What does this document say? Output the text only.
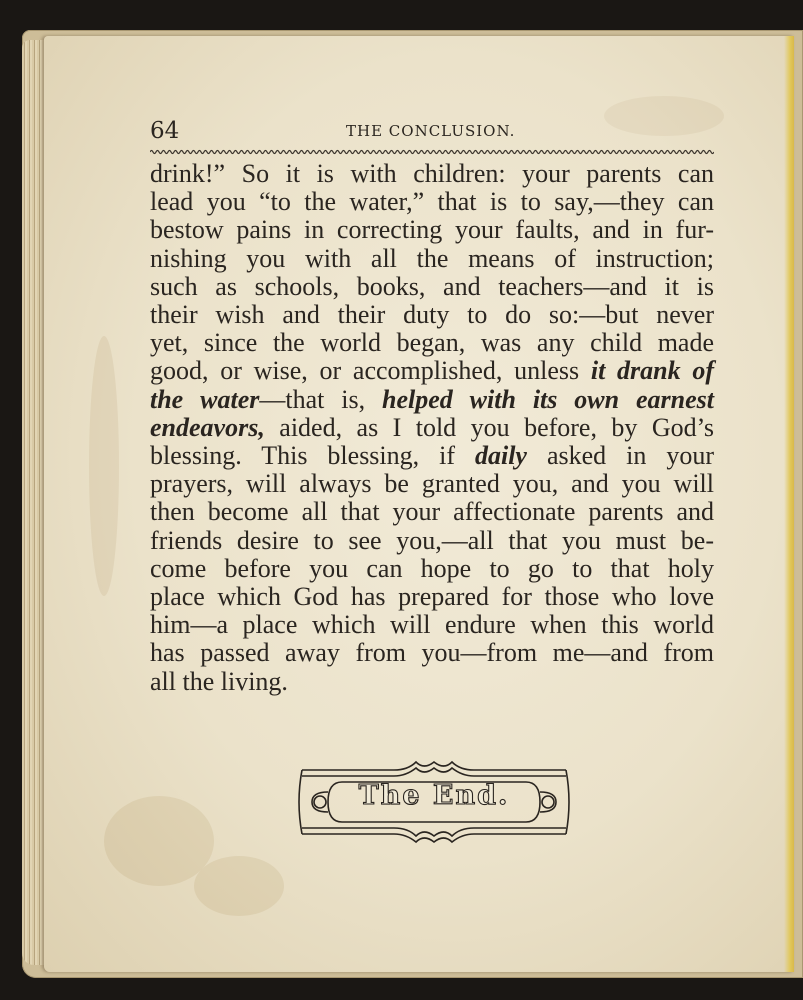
64	THE CONCLUSION.
drink!” So it is with children: your parents can
lead you “to the water,” that is to say,—they can
bestow pains in correcting your faults, and in fur-
nishing you with all the means of instruction;
such as schools, books, and teachers—and it is
their wish and their duty to do so:—but never
yet, since the world began, was any child made
good, or wise, or accomplished, unless it drank of
the water—that is, helped with its own earnest
endeavors, aided, as I told you before, by God’s
blessing. This blessing, if daily asked in your
prayers, will always be granted you, and you will
then become all that your affectionate parents and
friends desire to see you,—all that you must be-
come before you can hope to go to that holy
place which God has prepared for those who love
him—a place which will endure when this world
has passed away from you—from me—and from
all the living.
The End.
